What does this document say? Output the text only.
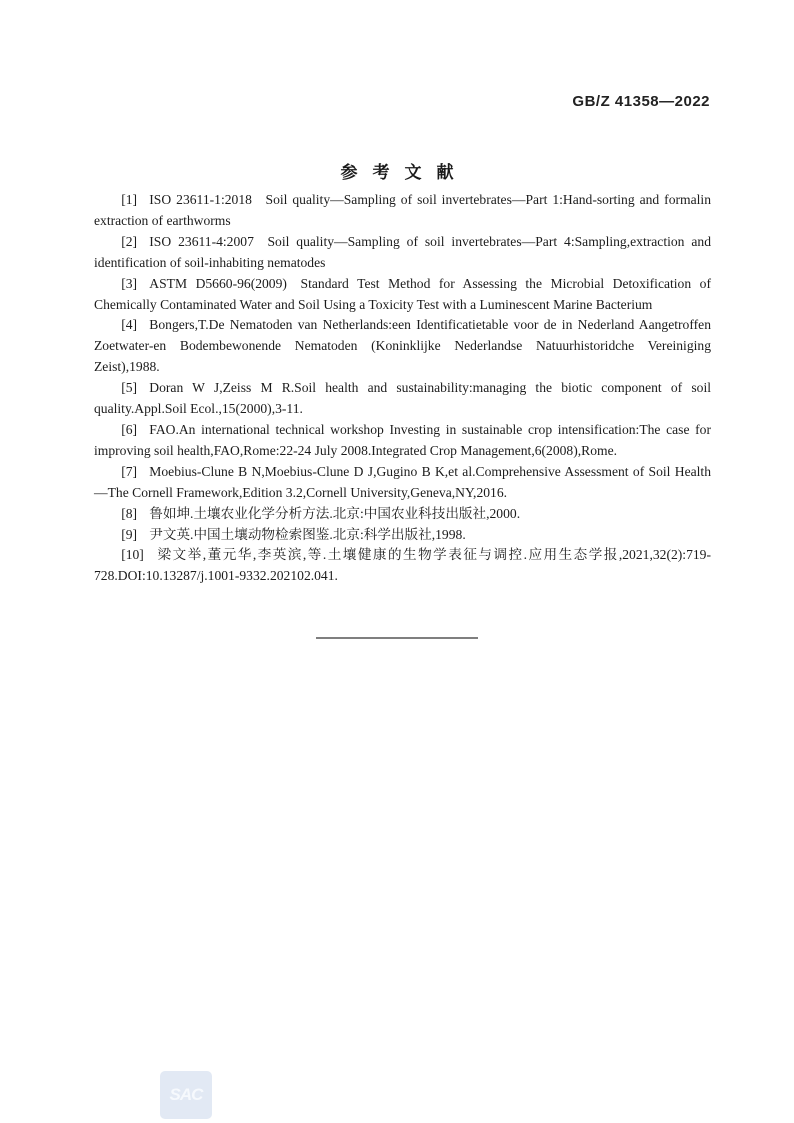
GB/Z 41358—2022
参考文献

[1] ISO 23611-1:2018  Soil quality—Sampling of soil invertebrates—Part 1:Hand-sorting and formalin extraction of earthworms

[2] ISO 23611-4:2007  Soil quality—Sampling of soil invertebrates—Part 4:Sampling,extraction and identification of soil-inhabiting nematodes

[3] ASTM D5660-96(2009)  Standard Test Method for Assessing the Microbial Detoxification of Chemically Contaminated Water and Soil Using a Toxicity Test with a Luminescent Marine Bacterium

[4] Bongers,T.De Nematoden van Netherlands:een Identificatietable voor de in Nederland Aangetroffen Zoetwater-en Bodembewonende Nematoden (Koninklijke Nederlandse Natuurhistoridche Vereiniging Zeist),1988.

[5] Doran W J,Zeiss M R.Soil health and sustainability:managing the biotic component of soil quality.Appl.Soil Ecol.,15(2000),3-11.

[6] FAO.An international technical workshop Investing in sustainable crop intensification:The case for improving soil health,FAO,Rome:22-24 July 2008.Integrated Crop Management,6(2008),Rome.

[7] Moebius-Clune B N,Moebius-Clune D J,Gugino B K,et al.Comprehensive Assessment of Soil Health—The Cornell Framework,Edition 3.2,Cornell University,Geneva,NY,2016.

[8] 鲁如坤.土壤农业化学分析方法.北京:中国农业科技出版社,2000.

[9] 尹文英.中国土壤动物检索图鉴.北京:科学出版社,1998.

[10] 梁文举,董元华,李英滨,等.土壤健康的生物学表征与调控.应用生态学报,2021,32(2):719-728.DOI:10.13287/j.1001-9332.202102.041.

SAC
